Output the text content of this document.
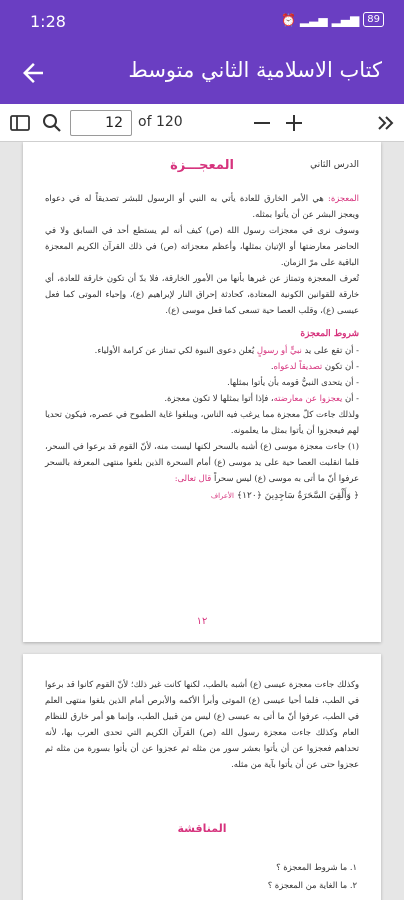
1:28	⏰ ▂▃▅ ▂▄▆ 89
كتاب الاسلامية الثاني متوسط
12	of 120
الدرس الثاني
المعجـــزة

المعجزة: هي الأمر الخارق للعادة يأتي به النبي أو الرسول للبشر تصديقاً له في دعواه ويعجز البشر عن أن يأتوا بمثله.

وسوف نرى في معجزات رسول الله (ص) كيف أنه لم يستطع أحد في السابق ولا في الحاضر معارضتها أو الإتيان بمثلها، وأعظم معجزاته (ص) في ذلك القرآن الكريم المعجزة الباقية على مرّ الزمان.

تُعرف المعجزة وتمتاز عن غيرها بأنها من الأمور الخارقة، فلا بدّ أن تكون خارقة للعادة، أي خارقة للقوانين الكونية المعتادة، كحادثة إحراق النار لإبراهيم (ع)، وإحياء الموتى كما فعل عيسى (ع)، وقلب العصا حية تسعى كما فعل موسى (ع).

شروط المعجزة

- أن تقع على يد نبيٍّ أو رسولٍ يُعلن دعوى النبوة لكي تمتاز عن كرامة الأولياء.

- أن تكون تصديقاً لدعواه.

- أن يتحدى النبيُّ قومه بأن يأتوا بمثلها.

- أن يعجزوا عن معارضته، فإذا أتوا بمثلها لا تكون معجزة.

ولذلك جاءت كلّ معجزة مما يرغب فيه الناس، ويبلغوا غاية الطموح في عصره، فيكون تحديا لهم فيعجزوا أن يأتوا بمثل ما يعلمونه.

(١) جاءت معجزة موسى (ع) أشبه بالسحر لكنها ليست منه، لأنّ القوم قد برعوا في السحر، فلما انقلبت العصا حية على يد موسى (ع) أمام السحرة الذين بلغوا منتهى المعرفة بالسحر عرفوا أنّ ما أتى به موسى (ع) ليس سحراً قال تعالى:

﴿ وَأَلْقِيَ السَّحَرَةُ سَاجِدِينَ ﴿١٢٠﴾ الأعراف
١٢

وكذلك جاءت معجزة عيسى (ع) أشبه بالطب، لكنها كانت غير ذلك؛ لأنّ القوم كانوا قد برعوا في الطب، فلما أحيا عيسى (ع) الموتى وأبرأ الأكمه والأبرص أمام الذين بلغوا منتهى العلم في الطب، عرفوا أنّ ما أتى به عيسى (ع) ليس من قبيل الطب، وإنما هو أمر خارق للنظام العام وكذلك جاءت معجزة رسول الله (ص) القرآن الكريم التي تحدى العرب بها، لأنه تحداهم فعجزوا عن أن يأتوا بعشر سور من مثله ثم عجزوا عن أن يأتوا بسورة من مثله ثم عجزوا حتى عن أن يأتوا بآية من مثله.

المناقشة
١. ما شروط المعجزة ؟
٢. ما الغاية من المعجزة ؟
